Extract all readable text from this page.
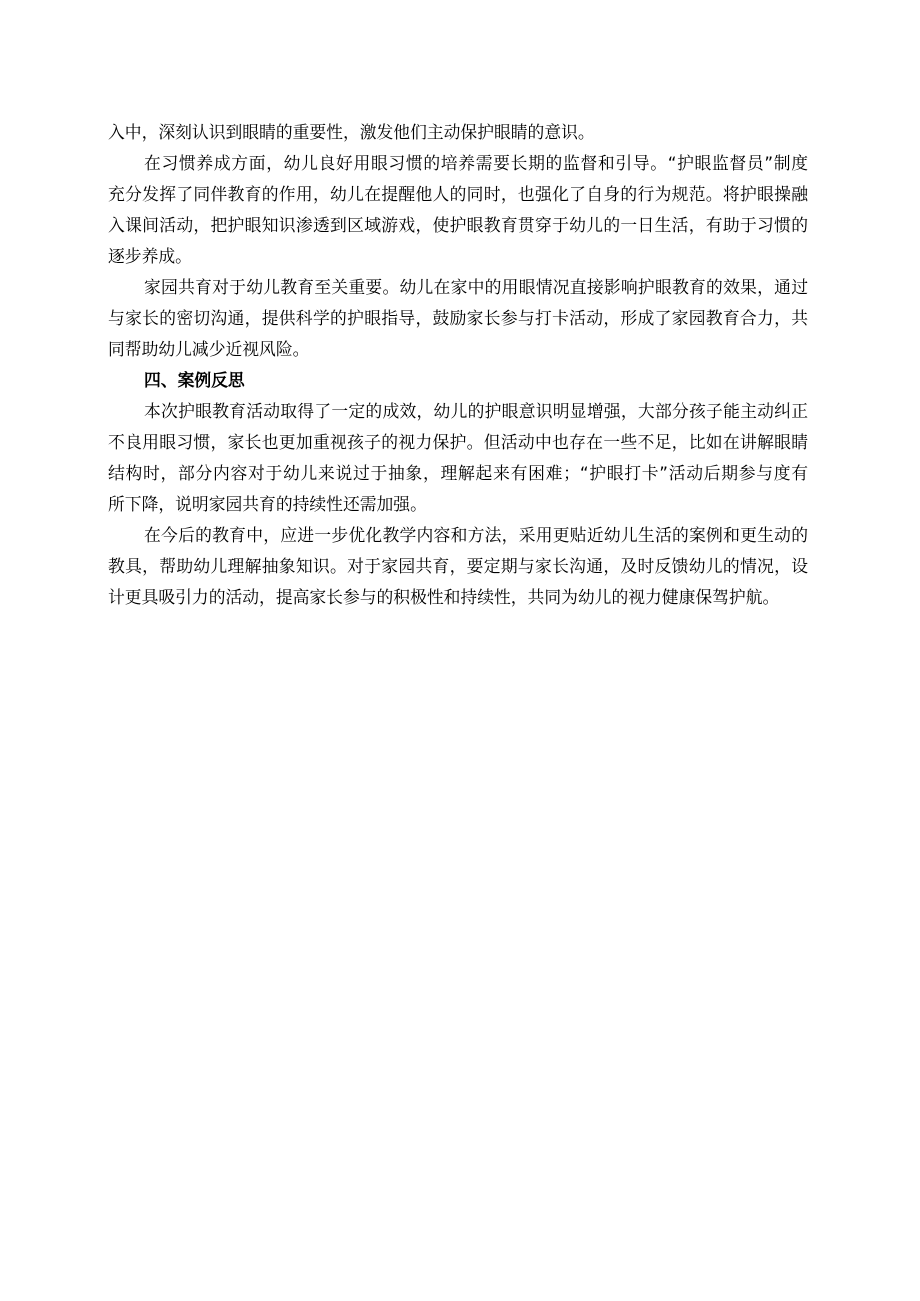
入中，深刻认识到眼睛的重要性，激发他们主动保护眼睛的意识。
在习惯养成方面，幼儿良好用眼习惯的培养需要长期的监督和引导。“护眼监督员”制度
充分发挥了同伴教育的作用，幼儿在提醒他人的同时，也强化了自身的行为规范。将护眼操融
入课间活动，把护眼知识渗透到区域游戏，使护眼教育贯穿于幼儿的一日生活，有助于习惯的
逐步养成。
家园共育对于幼儿教育至关重要。幼儿在家中的用眼情况直接影响护眼教育的效果，通过
与家长的密切沟通，提供科学的护眼指导，鼓励家长参与打卡活动，形成了家园教育合力，共
同帮助幼儿减少近视风险。
四、案例反思
本次护眼教育活动取得了一定的成效，幼儿的护眼意识明显增强，大部分孩子能主动纠正
不良用眼习惯，家长也更加重视孩子的视力保护。但活动中也存在一些不足，比如在讲解眼睛
结构时，部分内容对于幼儿来说过于抽象，理解起来有困难；“护眼打卡”活动后期参与度有
所下降，说明家园共育的持续性还需加强。
在今后的教育中，应进一步优化教学内容和方法，采用更贴近幼儿生活的案例和更生动的
教具，帮助幼儿理解抽象知识。对于家园共育，要定期与家长沟通，及时反馈幼儿的情况，设
计更具吸引力的活动，提高家长参与的积极性和持续性，共同为幼儿的视力健康保驾护航。
